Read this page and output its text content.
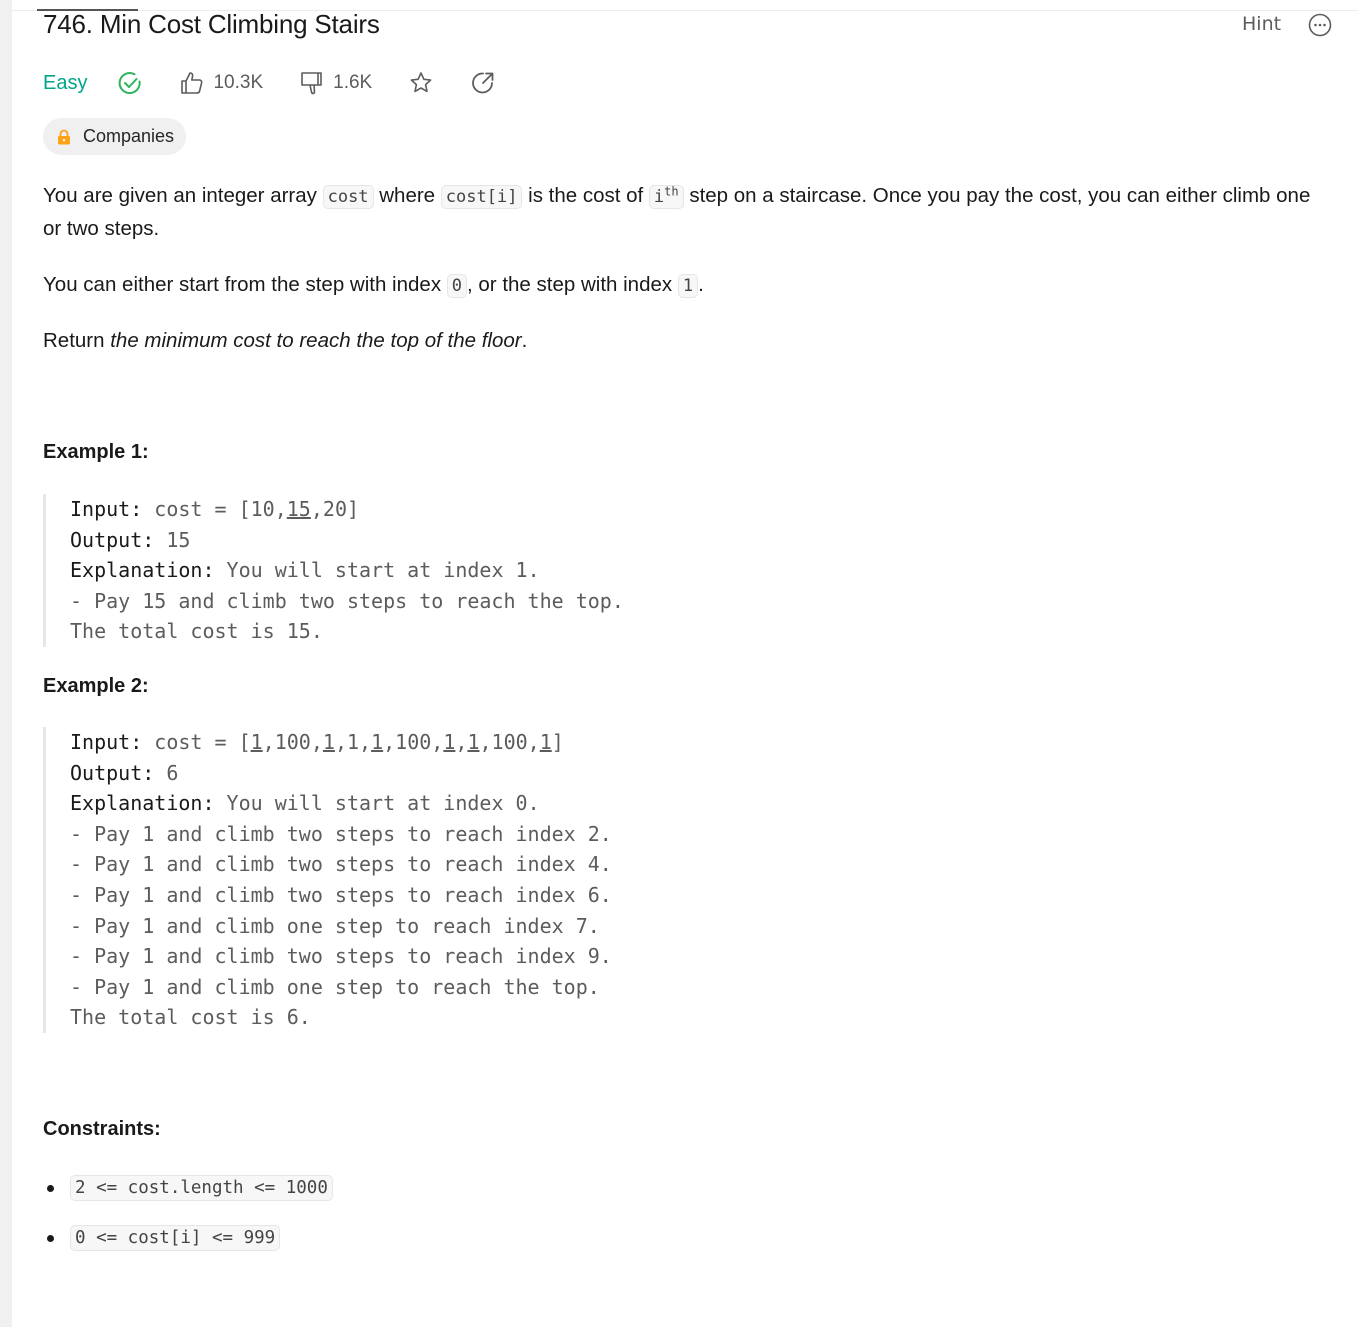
746. Min Cost Climbing Stairs	Hint
Easy	10.3K	1.6K
Companies

You are given an integer array cost where cost[i] is the cost of $i^{th}$ step on a staircase. Once you pay the cost, you can either climb one or two steps.

You can either start from the step with index 0 , or the step with index 1 .

Return the minimum cost to reach the top of the floor.

Example 1:
Input: cost = [10,15,20]
Output: 15
Explanation: You will start at index 1.
- Pay 15 and climb two steps to reach the top.
The total cost is 15.
Example 2:
Input: cost = [1,100,1,1,1,100,1,1,100,1]
Output: 6
Explanation: You will start at index 0.
- Pay 1 and climb two steps to reach index 2.
- Pay 1 and climb two steps to reach index 4.
- Pay 1 and climb two steps to reach index 6.
- Pay 1 and climb one step to reach index 7.
- Pay 1 and climb two steps to reach index 9.
- Pay 1 and climb one step to reach the top.
The total cost is 6.
Constraints:
2 <= cost.length <= 1000
0 <= cost[i] <= 999
